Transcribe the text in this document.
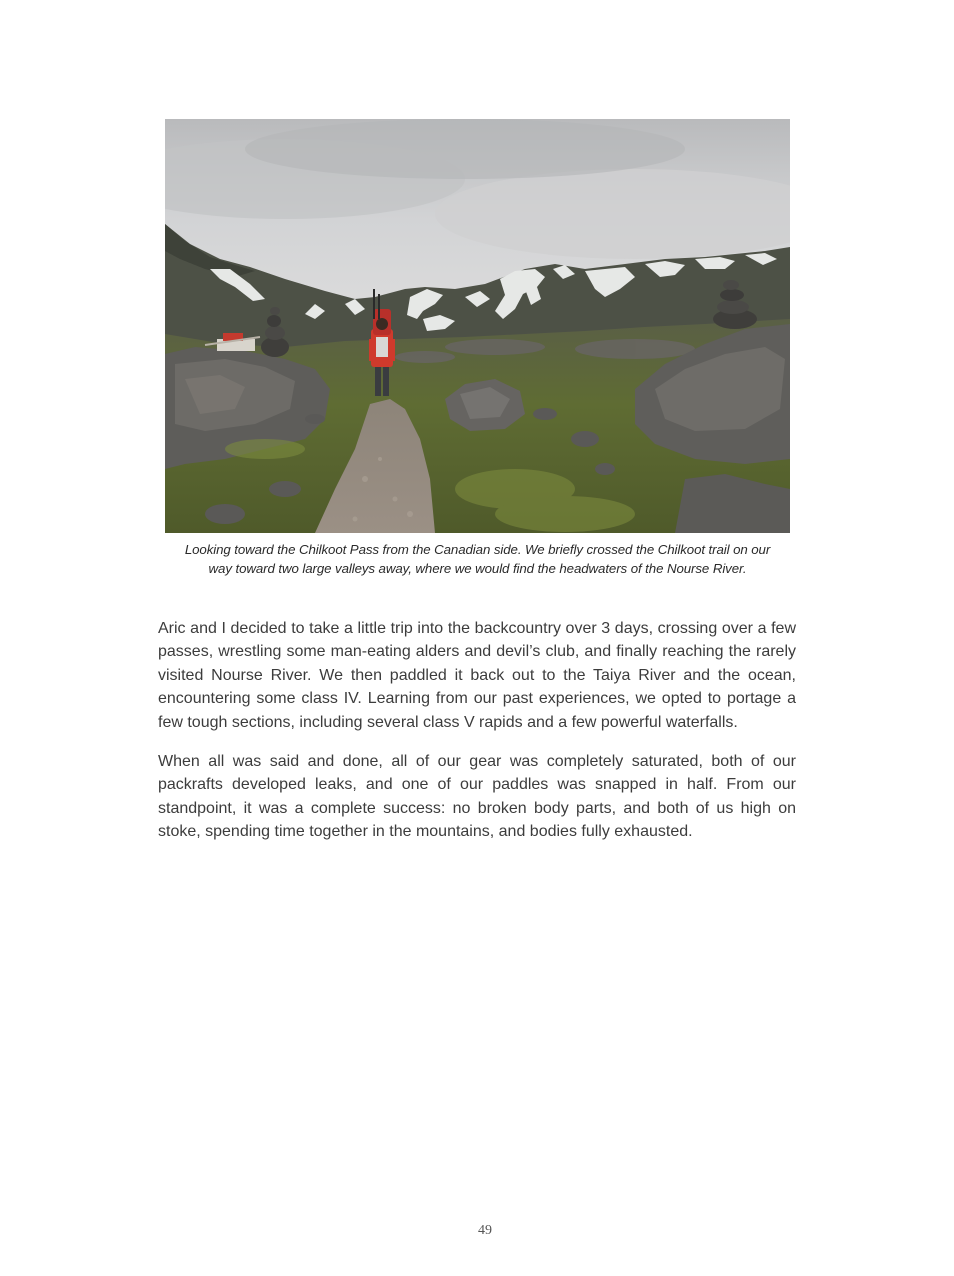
Looking toward the Chilkoot Pass from the Canadian side. We briefly crossed the Chilkoot trail on our
way toward two large valleys away, where we would find the headwaters of the Nourse River.

Aric and I decided to take a little trip into the backcountry over 3 days, crossing over a few passes, wrestling some man-eating alders and devil’s club, and finally reaching the rarely visited Nourse River. We then paddled it back out to the Taiya River and the ocean, encountering some class IV. Learning from our past experiences, we opted to portage a few tough sections, including several class V rapids and a few powerful waterfalls.

When all was said and done, all of our gear was completely saturated, both of our packrafts developed leaks, and one of our paddles was snapped in half. From our standpoint, it was a complete success: no broken body parts, and both of us high on stoke, spending time together in the mountains, and bodies fully exhausted.

49
